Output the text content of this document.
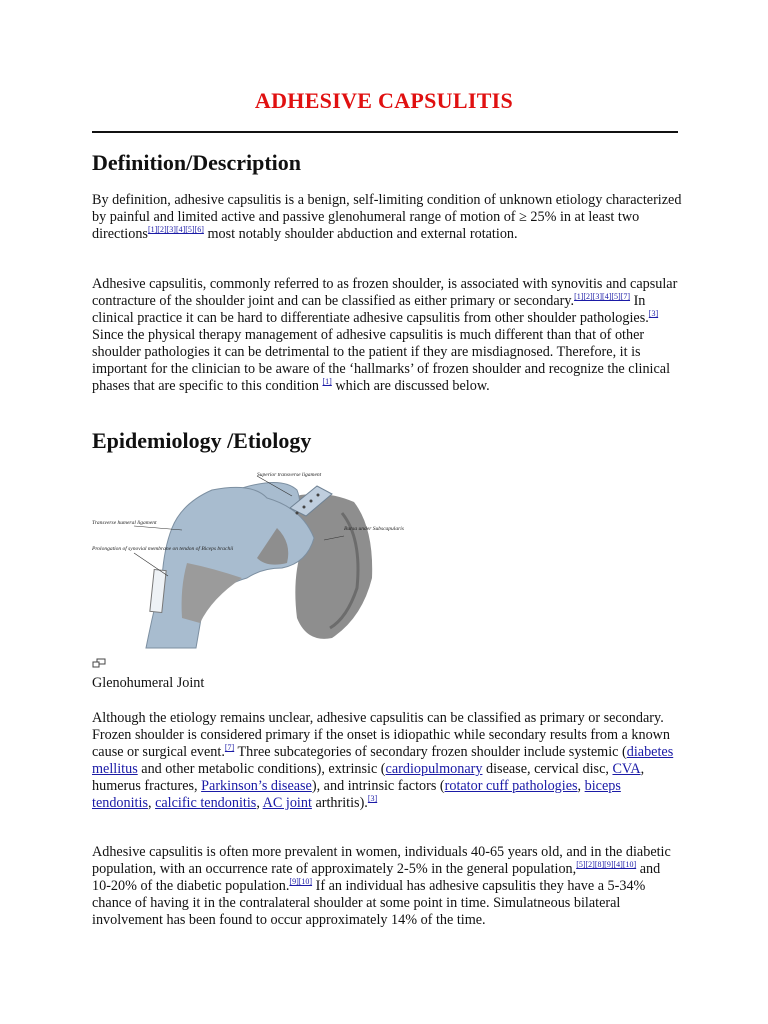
ADHESIVE CAPSULITIS
Definition/Description

By definition, adhesive capsulitis is a benign, self-limiting condition of unknown etiology characterized by painful and limited active and passive glenohumeral range of motion of ≥ 25% in at least two directions[1][2][3][4][5][6] most notably shoulder abduction and external rotation.

Adhesive capsulitis, commonly referred to as frozen shoulder, is associated with synovitis and capsular contracture of the shoulder joint and can be classified as either primary or secondary.[1][2][3][4][5][7] In clinical practice it can be hard to differentiate adhesive capsulitis from other shoulder pathologies.[3] Since the physical therapy management of adhesive capsulitis is much different than that of other shoulder pathologies it can be detrimental to the patient if they are misdiagnosed. Therefore, it is important for the clinician to be aware of the ‘hallmarks’ of frozen shoulder and recognize the clinical phases that are specific to this condition [1] which are discussed below.

Epidemiology /Etiology
Superior transverse ligament
Bursa under Subscapularis
Transverse humeral ligament
Prolongation of synovial membrane on tendon of Biceps brachii
Glenohumeral Joint

Although the etiology remains unclear, adhesive capsulitis can be classified as primary or secondary. Frozen shoulder is considered primary if the onset is idiopathic while secondary results from a known cause or surgical event.[7] Three subcategories of secondary frozen shoulder include systemic (diabetes mellitus and other metabolic conditions), extrinsic (cardiopulmonary disease, cervical disc, CVA, humerus fractures, Parkinson’s disease), and intrinsic factors (rotator cuff pathologies, biceps tendonitis, calcific tendonitis, AC joint arthritis).[3]

Adhesive capsulitis is often more prevalent in women, individuals 40-65 years old, and in the diabetic population, with an occurrence rate of approximately 2-5% in the general population,[5][2][8][9][4][10] and 10-20% of the diabetic population.[9][10] If an individual has adhesive capsulitis they have a 5-34% chance of having it in the contralateral shoulder at some point in time. Simulatneous bilateral involvement has been found to occur approximately 14% of the time.
